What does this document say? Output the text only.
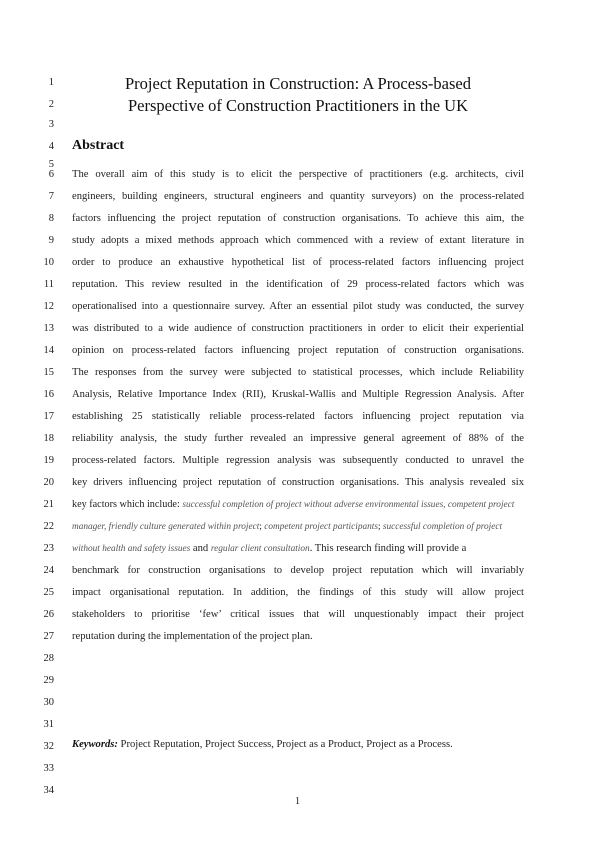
1
2
3
4
5
6
7
8
9
10
11
12
13
14
15
16
17
18
19
20
21
22
23
24
25
26
27
28
29
30
31
32
33
34
Project Reputation in Construction: A Process-based
Perspective of Construction Practitioners in the UK
Abstract
The overall aim of this study is to elicit the perspective of practitioners (e.g. architects, civil
engineers, building engineers, structural engineers and quantity surveyors) on the process-related
factors influencing the project reputation of construction organisations. To achieve this aim, the
study adopts a mixed methods approach which commenced with a review of extant literature in
order to produce an exhaustive hypothetical list of process-related factors influencing project
reputation. This review resulted in the identification of 29 process-related factors which was
operationalised into a questionnaire survey. After an essential pilot study was conducted, the survey
was distributed to a wide audience of construction practitioners in order to elicit their experiential
opinion on process-related factors influencing project reputation of construction organisations.
The responses from the survey were subjected to statistical processes, which include Reliability
Analysis, Relative Importance Index (RII), Kruskal-Wallis and Multiple Regression Analysis. After
establishing 25 statistically reliable process-related factors influencing project reputation via
reliability analysis, the study further revealed an impressive general agreement of 88% of the
process-related factors. Multiple regression analysis was subsequently conducted to unravel the
key drivers influencing project reputation of construction organisations. This analysis revealed six
key factors which include: successful completion of project without adverse environmental issues, competent project
manager, friendly culture generated within project; competent project participants; successful completion of project
without health and safety issues and regular client consultation. This research finding will provide a
benchmark for construction organisations to develop project reputation which will invariably
impact organisational reputation. In addition, the findings of this study will allow project
stakeholders to prioritise ‘few’ critical issues that will unquestionably impact their project
reputation during the implementation of the project plan.
Keywords: Project Reputation, Project Success, Project as a Product, Project as a Process.
1
